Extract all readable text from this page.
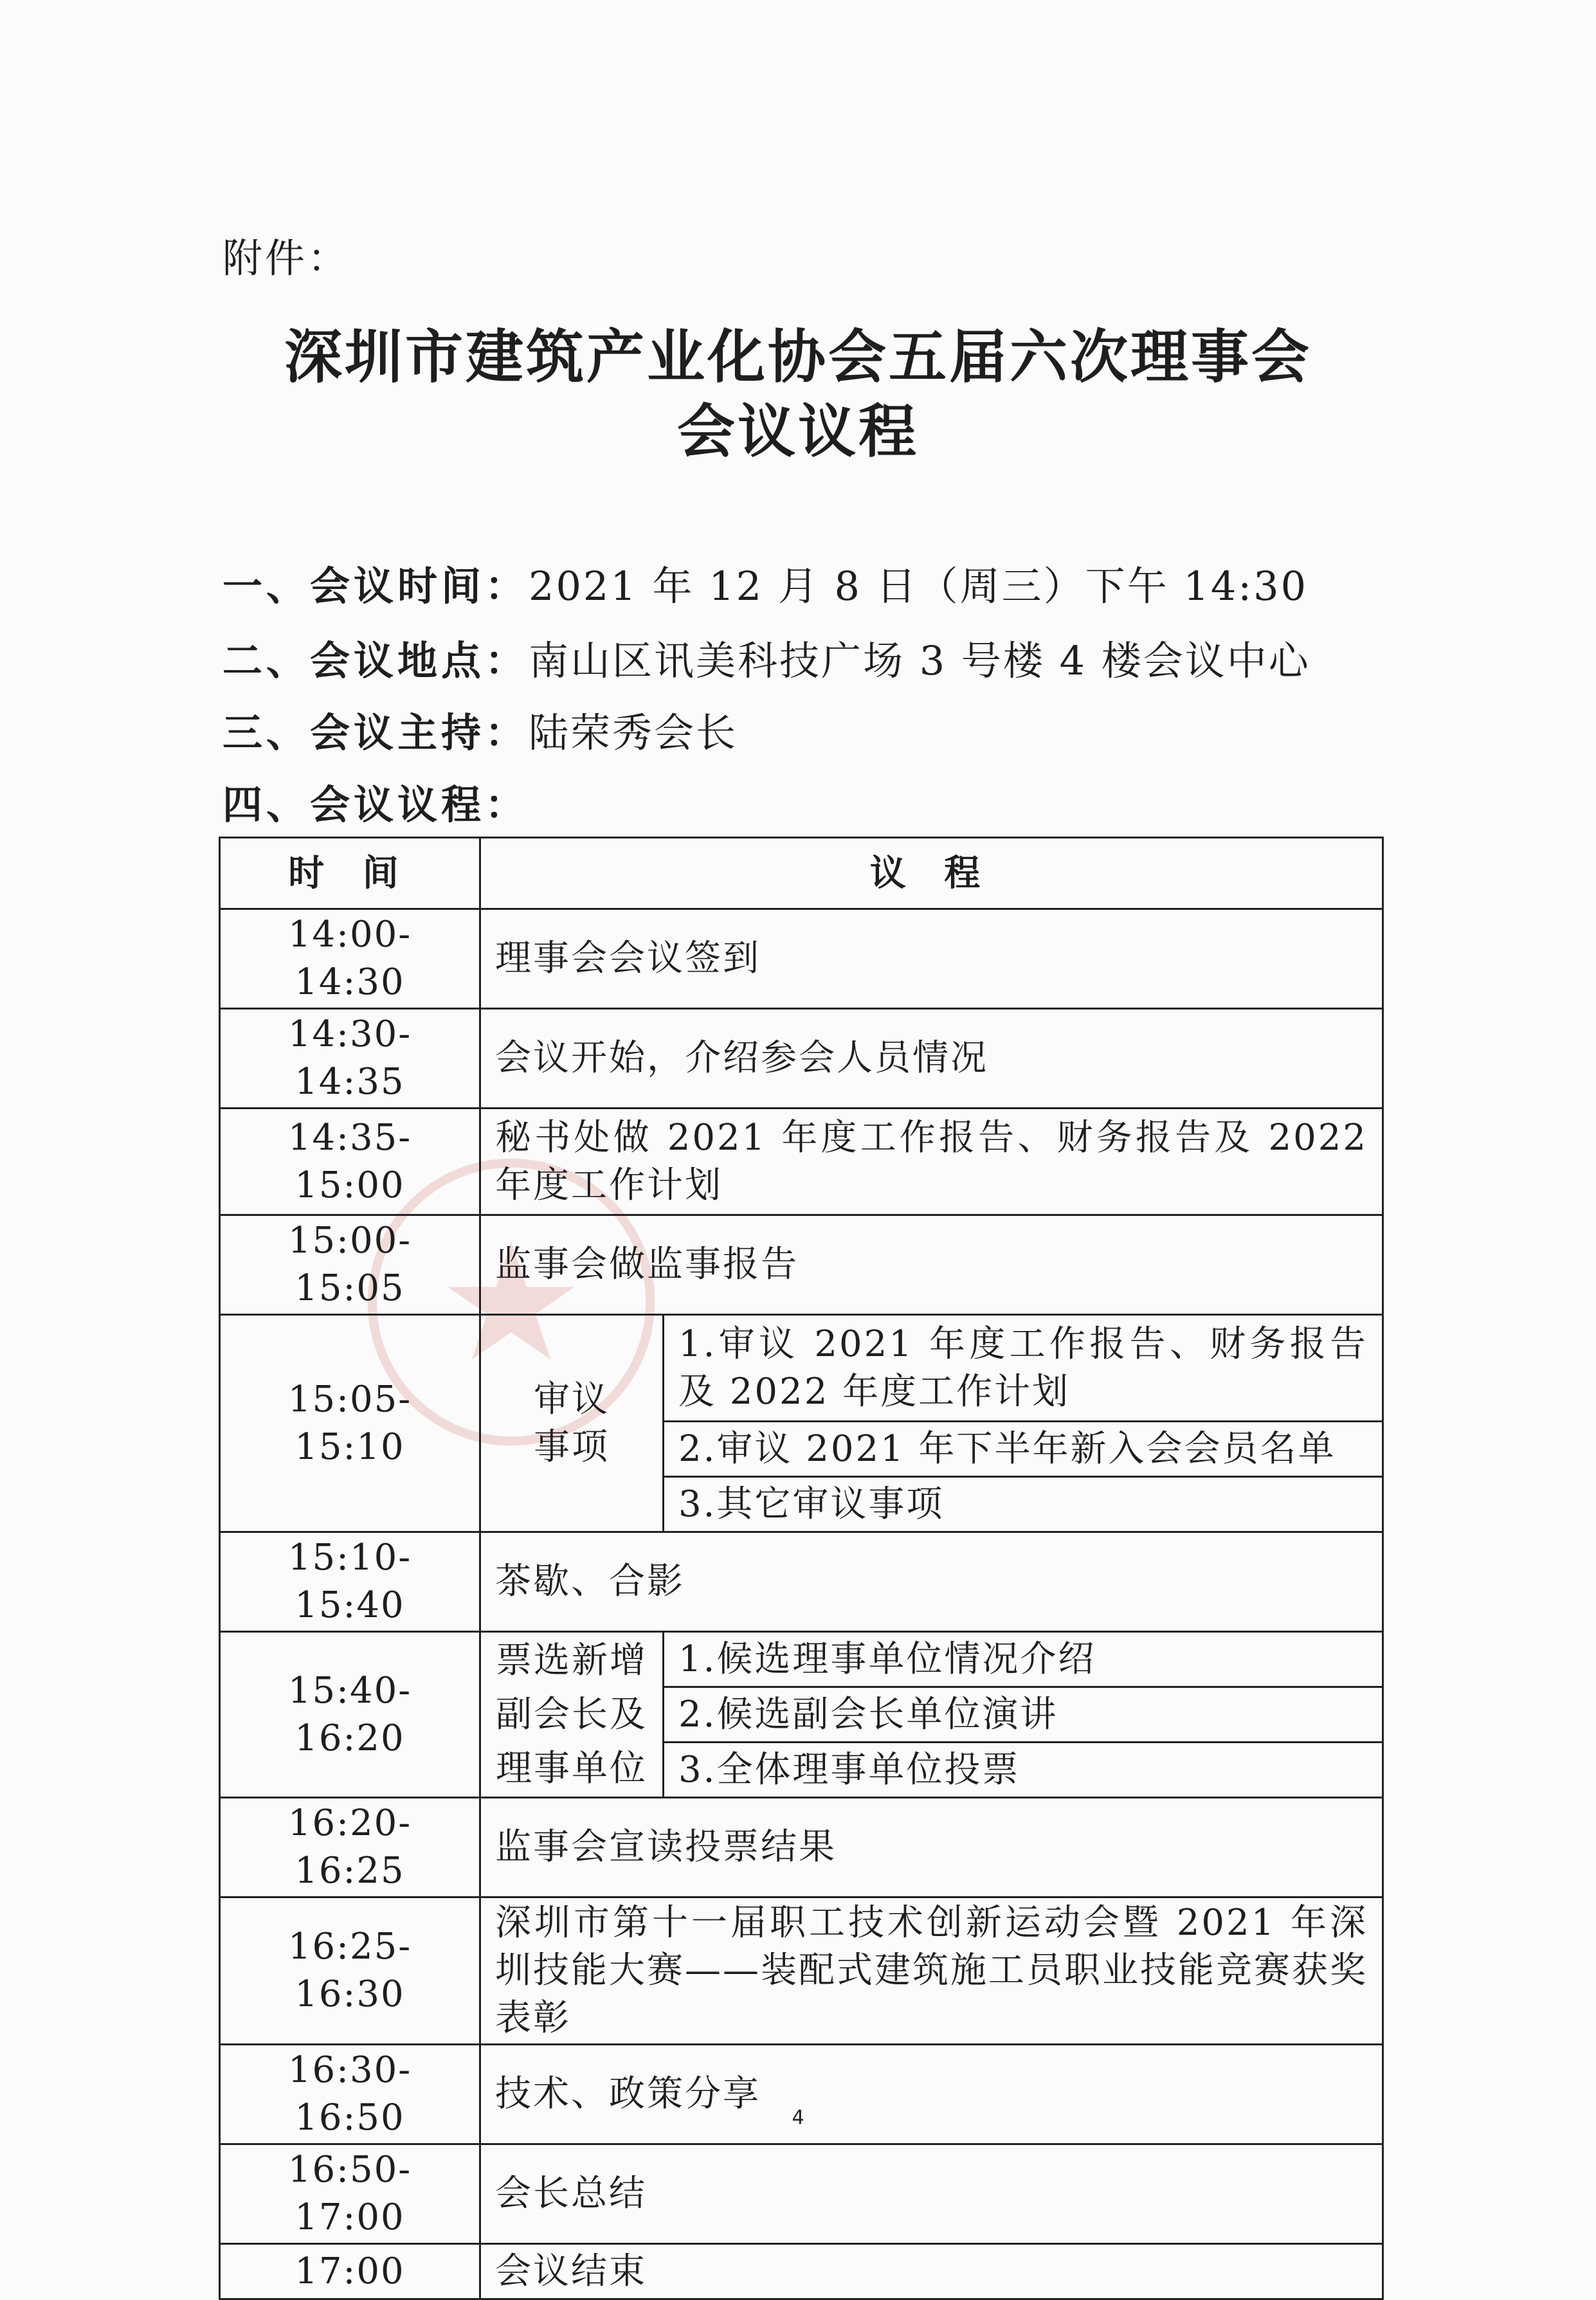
附件：
深圳市建筑产业化协会五届六次理事会
会议议程
一、会议时间：2021 年 12 月 8 日（周三）下午 14:30
二、会议地点：南山区讯美科技广场 3 号楼 4 楼会议中心
三、会议主持：陆荣秀会长
四、会议议程：
时 间	议 程	
14:00-14:30	理事会会议签到	
14:30-14:35	会议开始，介绍参会人员情况	
14:35-15:00	秘书处做 2021 年度工作报告、财务报告及 2022 年度工作计划	
15:00-15:05	监事会做监事报告	
15:05-15:10	审议事项	1.审议 2021 年度工作报告、财务报告及 2022 年度工作计划
		2.审议 2021 年下半年新入会会员名单
		3.其它审议事项
15:10-15:40	茶歇、合影	
15:40-16:20	票选新增副会长及理事单位	1.候选理事单位情况介绍
		2.候选副会长单位演讲
		3.全体理事单位投票
16:20-16:25	监事会宣读投票结果	
16:25-16:30	深圳市第十一届职工技术创新运动会暨 2021 年深圳技能大赛——装配式建筑施工员职业技能竞赛获奖表彰	
16:30-16:50	技术、政策分享	
16:50-17:00	会长总结	
17:00	会议结束	
4
